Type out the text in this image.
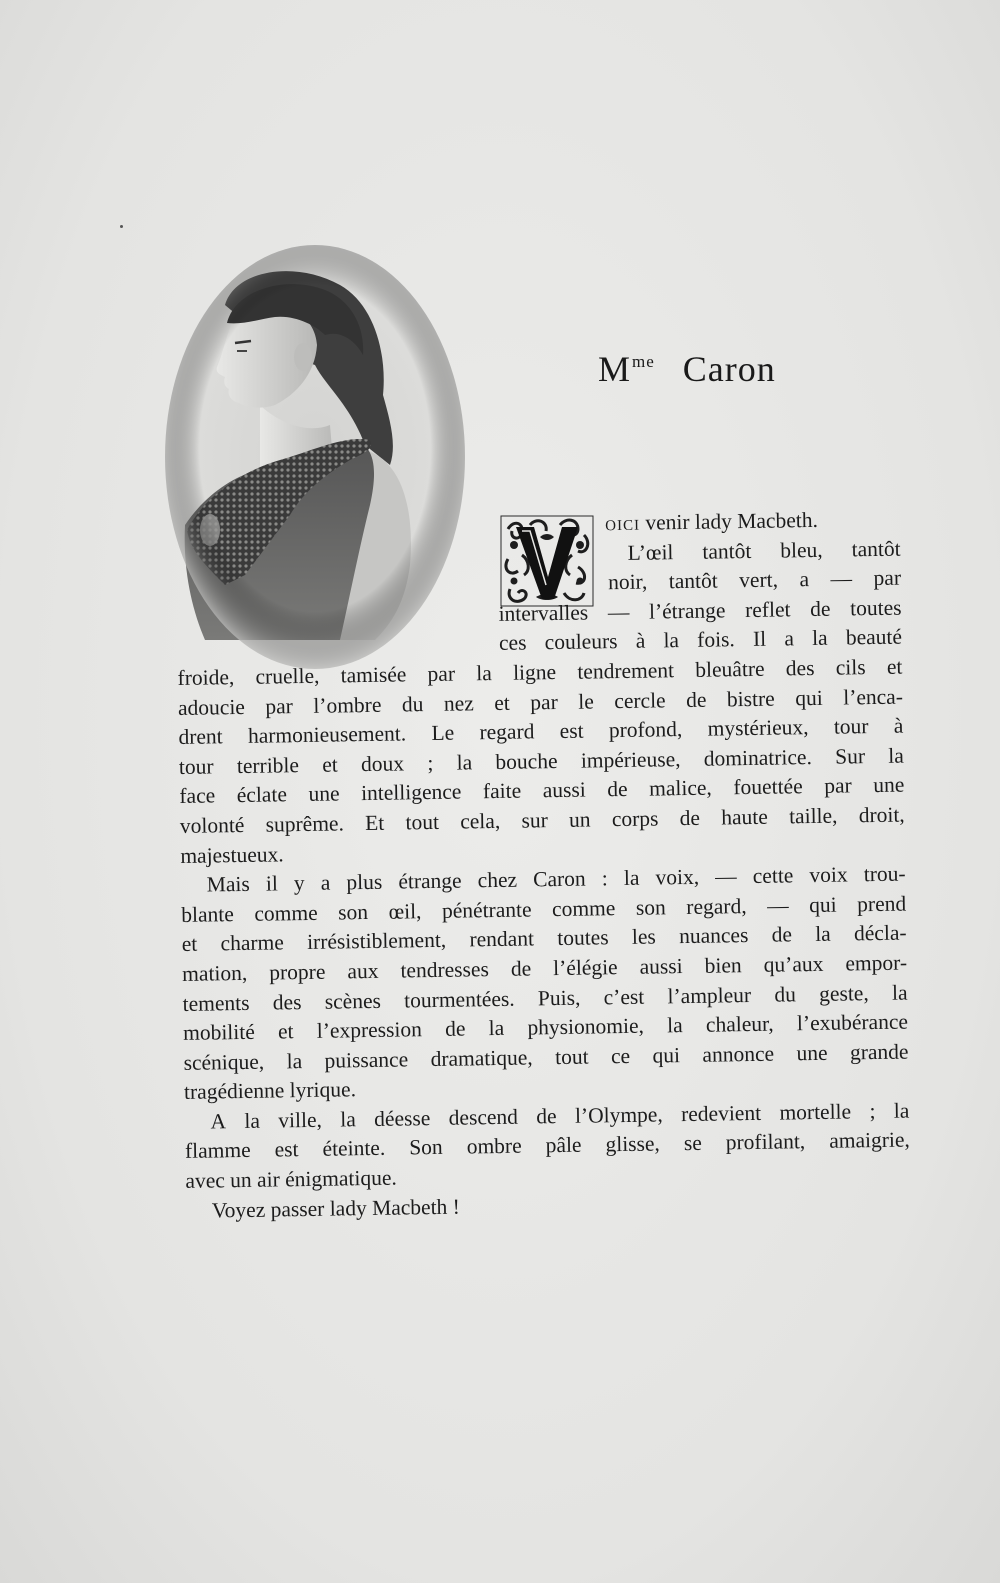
$M^{me}$ Caron
oici venir lady Macbeth.
L’œil tantôt bleu, tantôt
noir, tantôt vert, a — par
intervalles — l’étrange reflet de toutes
ces couleurs à la fois. Il a la beauté
froide, cruelle, tamisée par la ligne tendrement bleuâtre des cils et
adoucie par l’ombre du nez et par le cercle de bistre qui l’enca-
drent harmonieusement. Le regard est profond, mystérieux, tour à
tour terrible et doux ; la bouche impérieuse, dominatrice. Sur la
face éclate une intelligence faite aussi de malice, fouettée par une
volonté suprême. Et tout cela, sur un corps de haute taille, droit,
majestueux.
Mais il y a plus étrange chez Caron : la voix, — cette voix trou-
blante comme son œil, pénétrante comme son regard, — qui prend
et charme irrésistiblement, rendant toutes les nuances de la décla-
mation, propre aux tendresses de l’élégie aussi bien qu’aux empor-
tements des scènes tourmentées. Puis, c’est l’ampleur du geste, la
mobilité et l’expression de la physionomie, la chaleur, l’exubérance
scénique, la puissance dramatique, tout ce qui annonce une grande
tragédienne lyrique.
A la ville, la déesse descend de l’Olympe, redevient mortelle ; la
flamme est éteinte. Son ombre pâle glisse, se profilant, amaigrie,
avec un air énigmatique.
Voyez passer lady Macbeth !
